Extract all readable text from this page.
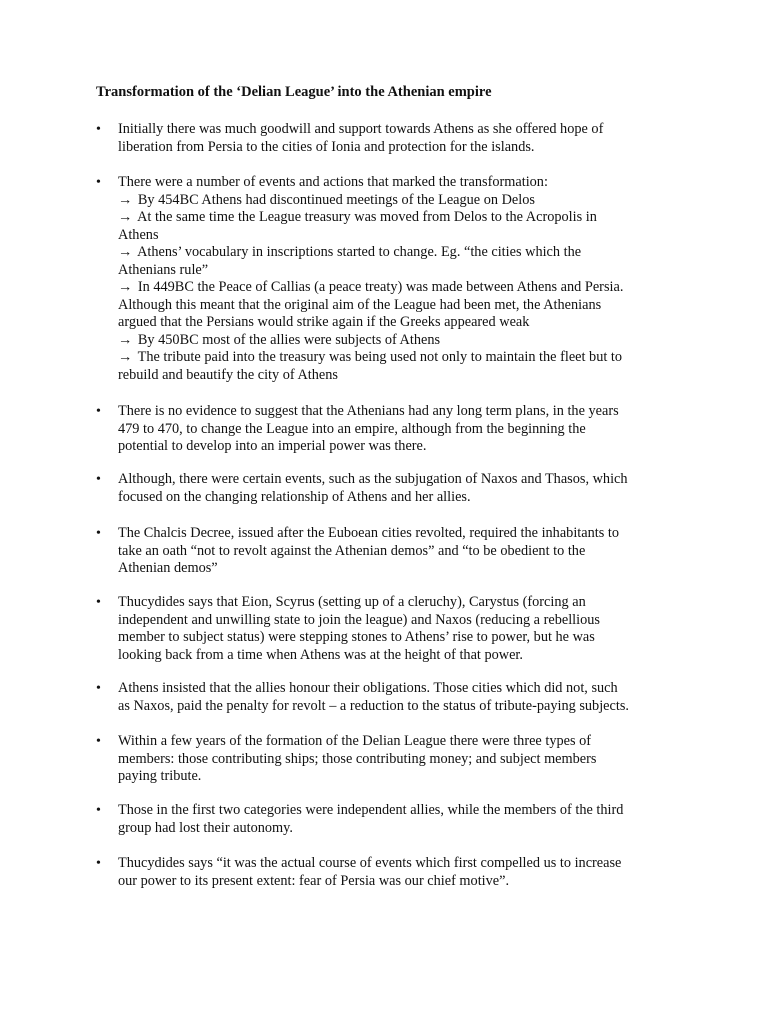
Transformation of the ‘Delian League’ into the Athenian empire
•	Initially there was much goodwill and support towards Athens as she offered hope of
liberation from Persia to the cities of Ionia and protection for the islands.
•	There were a number of events and actions that marked the transformation:
→ By 454BC Athens had discontinued meetings of the League on Delos
→ At the same time the League treasury was moved from Delos to the Acropolis in
Athens
→ Athens’ vocabulary in inscriptions started to change. Eg. “the cities which the
Athenians rule”
→ In 449BC the Peace of Callias (a peace treaty) was made between Athens and Persia.
Although this meant that the original aim of the League had been met, the Athenians
argued that the Persians would strike again if the Greeks appeared weak
→ By 450BC most of the allies were subjects of Athens
→ The tribute paid into the treasury was being used not only to maintain the fleet but to
rebuild and beautify the city of Athens
•	There is no evidence to suggest that the Athenians had any long term plans, in the years
479 to 470, to change the League into an empire, although from the beginning the
potential to develop into an imperial power was there.
•	Although, there were certain events, such as the subjugation of Naxos and Thasos, which
focused on the changing relationship of Athens and her allies.
•	The Chalcis Decree, issued after the Euboean cities revolted, required the inhabitants to
take an oath “not to revolt against the Athenian demos” and “to be obedient to the
Athenian demos”
•	Thucydides says that Eion, Scyrus (setting up of a cleruchy), Carystus (forcing an
independent and unwilling state to join the league) and Naxos (reducing a rebellious
member to subject status) were stepping stones to Athens’ rise to power, but he was
looking back from a time when Athens was at the height of that power.
•	Athens insisted that the allies honour their obligations. Those cities which did not, such
as Naxos, paid the penalty for revolt – a reduction to the status of tribute-paying subjects.
•	Within a few years of the formation of the Delian League there were three types of
members: those contributing ships; those contributing money; and subject members
paying tribute.
•	Those in the first two categories were independent allies, while the members of the third
group had lost their autonomy.
•	Thucydides says “it was the actual course of events which first compelled us to increase
our power to its present extent: fear of Persia was our chief motive”.
